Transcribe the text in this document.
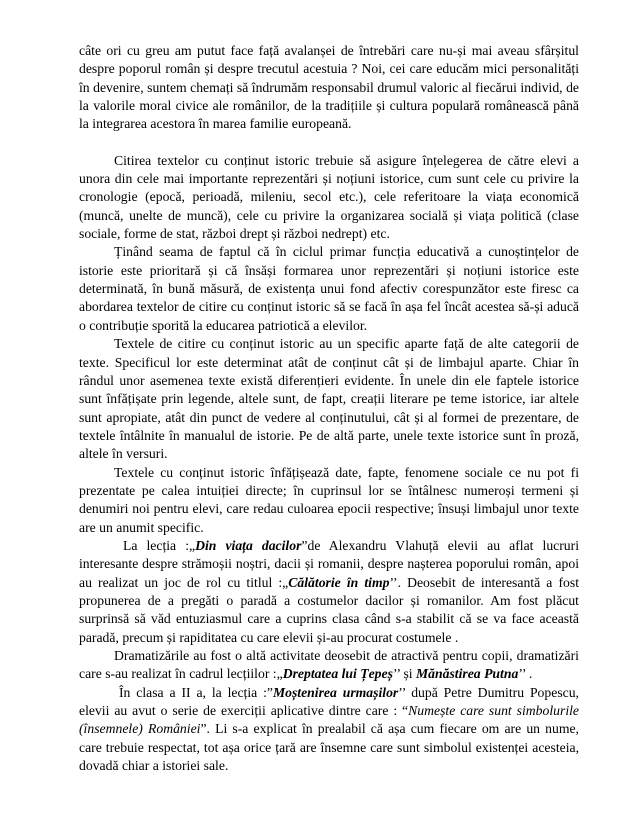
câte ori cu greu am putut face față avalanșei de întrebări care nu-și mai aveau sfârșitul despre poporul român și despre trecutul acestuia ? Noi, cei care educăm mici personalități în devenire, suntem chemați să îndrumăm responsabil drumul valoric al fiecărui individ, de la valorile moral civice ale românilor, de la tradițiile și cultura populară românească până la integrarea acestora în marea familie europeană.

Citirea textelor cu conținut istoric trebuie să asigure înțelegerea de către elevi a unora din cele mai importante reprezentări și noțiuni istorice, cum sunt cele cu privire la cronologie (epocă, perioadă, mileniu, secol etc.), cele referitoare la viața economică (muncă, unelte de muncă), cele cu privire la organizarea socială și viața politică (clase sociale, forme de stat, război drept și război nedrept) etc.

Ținând seama de faptul că în ciclul primar funcția educativă a cunoștințelor de istorie este prioritară și că însăși formarea unor reprezentări și noțiuni istorice este determinată, în bună măsură, de existența unui fond afectiv corespunzător este firesc ca abordarea textelor de citire cu conținut istoric să se facă în așa fel încât acestea să-și aducă o contribuție sporită la educarea patriotică a elevilor.

Textele de citire cu conținut istoric au un specific aparte față de alte categorii de texte. Specificul lor este determinat atât de conținut cât și de limbajul aparte. Chiar în rândul unor asemenea texte există diferențieri evidente. În unele din ele faptele istorice sunt înfățișate prin legende, altele sunt, de fapt, creații literare pe teme istorice, iar altele sunt apropiate, atât din punct de vedere al conținutului, cât și al formei de prezentare, de textele întâlnite în manualul de istorie. Pe de altă parte, unele texte istorice sunt în proză, altele în versuri.

Textele cu conținut istoric înfățișează date, fapte, fenomene sociale ce nu pot fi prezentate pe calea intuiției directe; în cuprinsul lor se întâlnesc numeroși termeni și denumiri noi pentru elevi, care redau culoarea epocii respective; însuși limbajul unor texte are un anumit specific.

La lecția :„Din viața dacilor”de Alexandru Vlahuță elevii au aflat lucruri interesante despre strămoșii noștri, dacii și romanii, despre nașterea poporului român, apoi au realizat un joc de rol cu titlul :„Călătorie în timp’’. Deosebit de interesantă a fost propunerea de a pregăti o paradă a costumelor dacilor și romanilor. Am fost plăcut surprinsă să văd entuziasmul care a cuprins clasa când s-a stabilit că se va face această paradă, precum și rapiditatea cu care elevii și-au procurat costumele .

Dramatizările au fost o altă activitate deosebit de atractivă pentru copii, dramatizări care s-au realizat în cadrul lecțiilor :„Dreptatea lui Țepeș’’ și Mănăstirea Putna’’ .

În clasa a II a, la lecția :”Moștenirea urmașilor’’ după Petre Dumitru Popescu, elevii au avut o serie de exerciții aplicative dintre care : “Numește care sunt simbolurile (însemnele) României”. Li s-a explicat în prealabil că așa cum fiecare om are un nume, care trebuie respectat, tot așa orice țară are însemne care sunt simbolul existenței acesteia, dovadă chiar a istoriei sale.
